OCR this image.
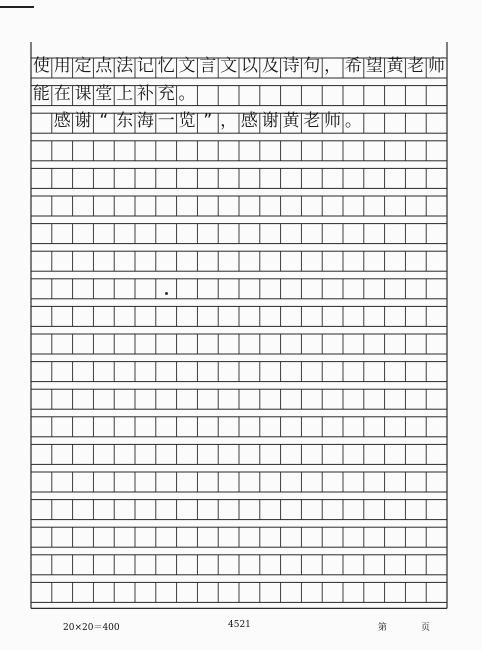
使 用 定 点 法 记 忆 文 言 文 以 及 诗 句 ， 希 望 黄 老 师
能 在 课 堂 上 补 充 。

感 谢 “ 东 海 一 览 ” ， 感 谢 黄 老 师 。
20×20＝400	4521	第	页
